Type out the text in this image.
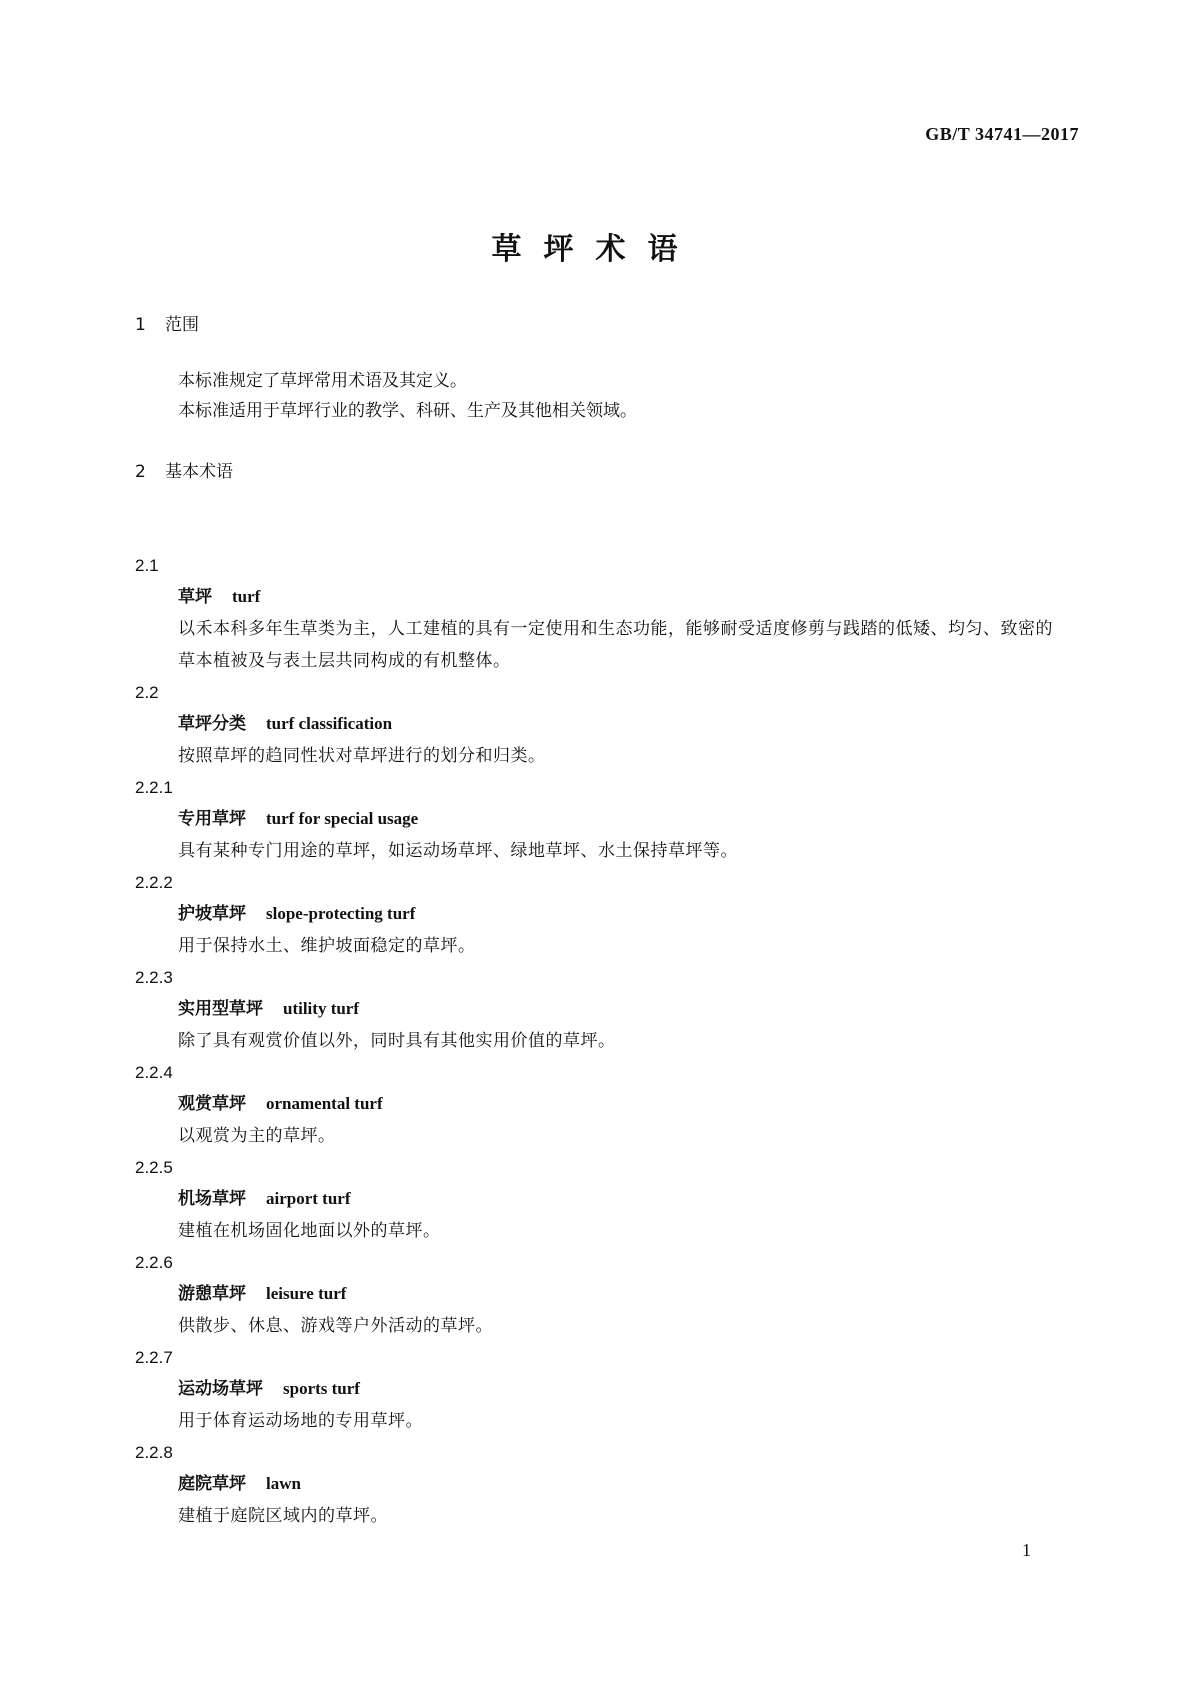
GB/T 34741—2017
草坪术语
1 范围
本标准规定了草坪常用术语及其定义。
本标准适用于草坪行业的教学、科研、生产及其他相关领域。
2 基本术语
2.1
草坪 turf
以禾本科多年生草类为主，人工建植的具有一定使用和生态功能，能够耐受适度修剪与践踏的低矮、均匀、致密的草本植被及与表土层共同构成的有机整体。
2.2
草坪分类 turf classification
按照草坪的趋同性状对草坪进行的划分和归类。
2.2.1
专用草坪 turf for special usage
具有某种专门用途的草坪，如运动场草坪、绿地草坪、水土保持草坪等。
2.2.2
护坡草坪 slope-protecting turf
用于保持水土、维护坡面稳定的草坪。
2.2.3
实用型草坪 utility turf
除了具有观赏价值以外，同时具有其他实用价值的草坪。
2.2.4
观赏草坪 ornamental turf
以观赏为主的草坪。
2.2.5
机场草坪 airport turf
建植在机场固化地面以外的草坪。
2.2.6
游憩草坪 leisure turf
供散步、休息、游戏等户外活动的草坪。
2.2.7
运动场草坪 sports turf
用于体育运动场地的专用草坪。
2.2.8
庭院草坪 lawn
建植于庭院区域内的草坪。
1
